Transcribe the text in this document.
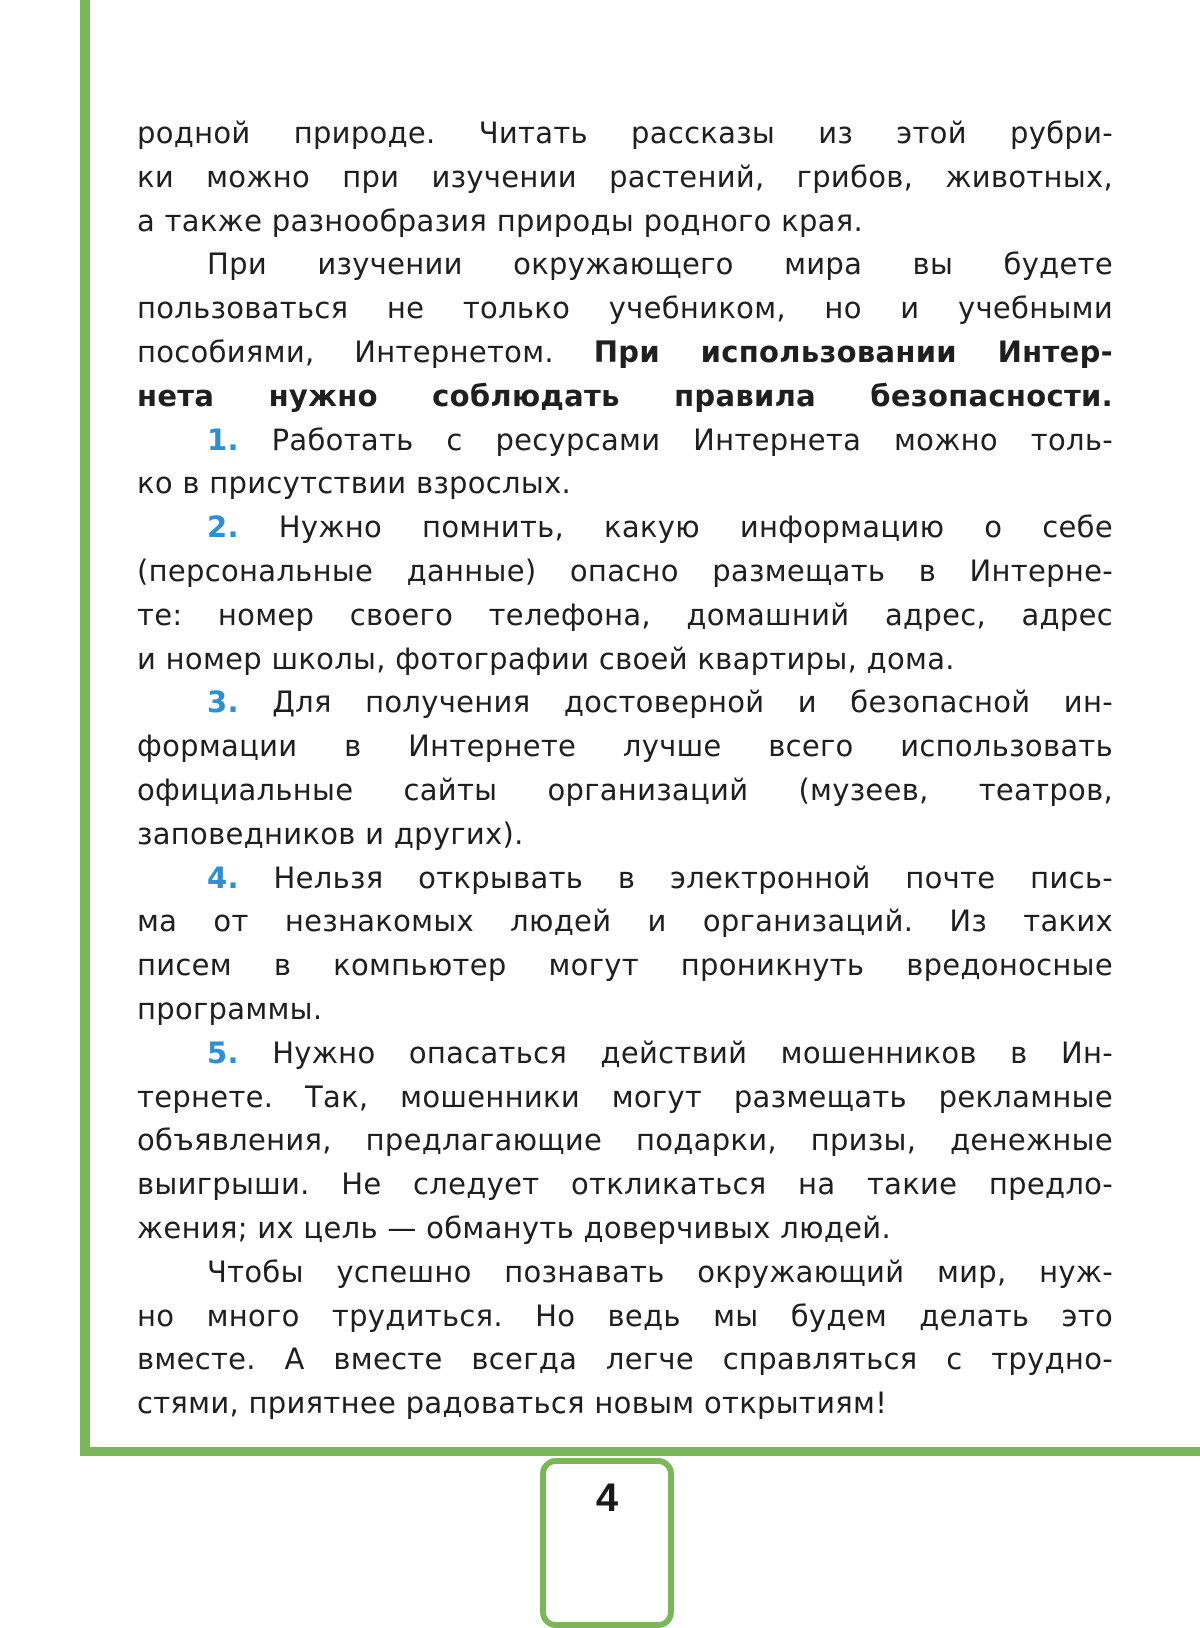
родной природе. Читать рассказы из этой рубри-
ки можно при изучении растений, грибов, животных,
а также разнообразия природы родного края.
При изучении окружающего мира вы будете
пользоваться не только учебником, но и учебными
пособиями, Интернетом. При использовании Интер-
нета нужно соблюдать правила безопасности.
1. Работать с ресурсами Интернета можно толь-
ко в присутствии взрослых.
2. Нужно помнить, какую информацию о себе
(персональные данные) опасно размещать в Интерне-
те: номер своего телефона, домашний адрес, адрес
и номер школы, фотографии своей квартиры, дома.
3. Для получения достоверной и безопасной ин-
формации в Интернете лучше всего использовать
официальные сайты организаций (музеев, театров,
заповедников и других).
4. Нельзя открывать в электронной почте пись-
ма от незнакомых людей и организаций. Из таких
писем в компьютер могут проникнуть вредоносные
программы.
5. Нужно опасаться действий мошенников в Ин-
тернете. Так, мошенники могут размещать рекламные
объявления, предлагающие подарки, призы, денежные
выигрыши. Не следует откликаться на такие предло-
жения; их цель — обмануть доверчивых людей.
Чтобы успешно познавать окружающий мир, нуж-
но много трудиться. Но ведь мы будем делать это
вместе. А вместе всегда легче справляться с трудно-
стями, приятнее радоваться новым открытиям!
4
